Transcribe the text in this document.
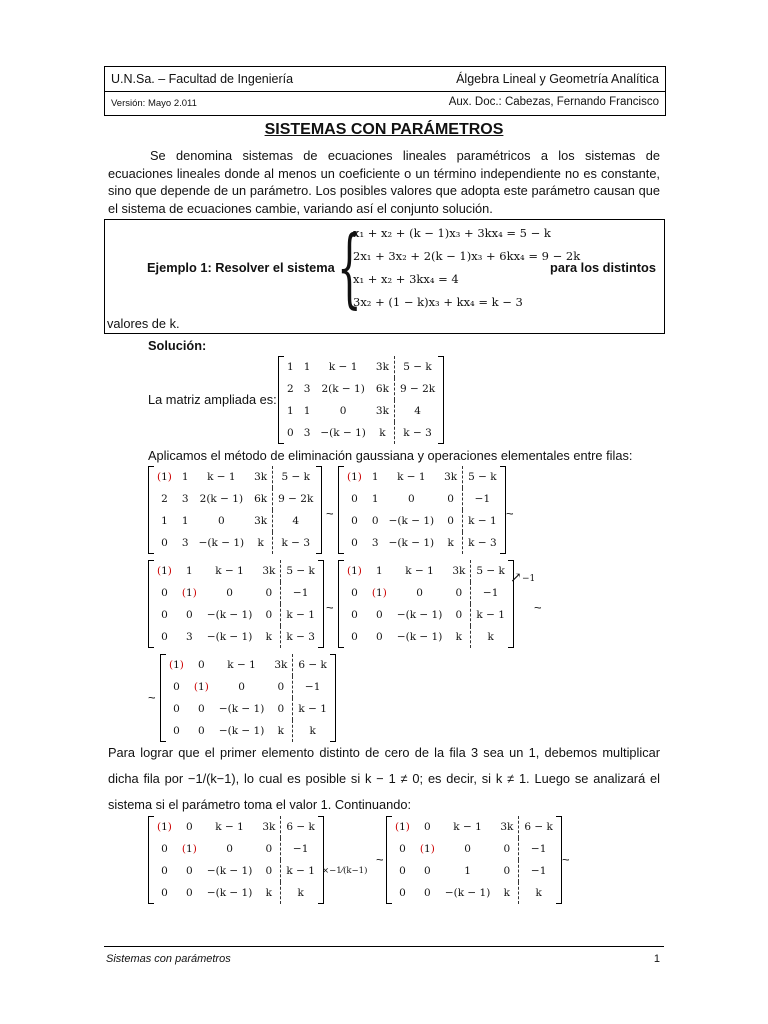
U.N.Sa. – Facultad de Ingeniería	Álgebra Lineal y Geometría Analítica
Versión: Mayo 2.011	Aux. Doc.: Cabezas, Fernando Francisco
SISTEMAS CON PARÁMETROS

Se denomina sistemas de ecuaciones lineales paramétricos a los sistemas de ecuaciones lineales donde al menos un coeficiente o un término independiente no es constante, sino que depende de un parámetro. Los posibles valores que adopta este parámetro causan que el sistema de ecuaciones cambie, variando así el conjunto solución.

Ejemplo 1: Resolver el sistema {
x₁ + x₂ + (k − 1)x₃ + 3kx₄ = 5 − k
2x₁ + 3x₂ + 2(k − 1)x₃ + 6kx₄ = 9 − 2k
x₁ + x₂ + 3kx₄ = 4
3x₂ + (1 − k)x₃ + kx₄ = k − 3
para los distintos
valores de k.
Solución:
La matriz ampliada es:
1	1	k − 1	3k	5 − k
2	3	2(k − 1)	6k	9 − 2k
1	1	0	3k	4
0	3	−(k − 1)	k	k − 3
Aplicamos el método de eliminación gaussiana y operaciones elementales entre filas:
(1)	1	k − 1	3k	5 − k
2	3	2(k − 1)	6k	9 − 2k
1	1	0	3k	4
0	3	−(k − 1)	k	k − 3
~
(1)	1	k − 1	3k	5 − k
0	1	0	0	−1
0	0	−(k − 1)	0	k − 1
0	3	−(k − 1)	k	k − 3
~
(1)	1	k − 1	3k	5 − k
0	(1)	0	0	−1
0	0	−(k − 1)	0	k − 1
0	3	−(k − 1)	k	k − 3
~
(1)	1	k − 1	3k	5 − k
0	(1)	0	0	−1
0	0	−(k − 1)	0	k − 1
0	0	−(k − 1)	k	k
↗ −1
~
~
(1)	0	k − 1	3k	6 − k
0	(1)	0	0	−1
0	0	−(k − 1)	0	k − 1
0	0	−(k − 1)	k	k
Para lograr que el primer elemento distinto de cero de la fila 3 sea un 1, debemos multiplicar dicha fila por −1/(k−1), lo cual es posible si k − 1 ≠ 0; es decir, si k ≠ 1. Luego se analizará el sistema si el parámetro toma el valor 1. Continuando:
(1)	0	k − 1	3k	6 − k
0	(1)	0	0	−1
0	0	−(k − 1)	0	k − 1
0	0	−(k − 1)	k	k
×−1⁄(k−1)
~
(1)	0	k − 1	3k	6 − k
0	(1)	0	0	−1
0	0	1	0	−1
0	0	−(k − 1)	k	k
~
Sistemas con parámetros	1
